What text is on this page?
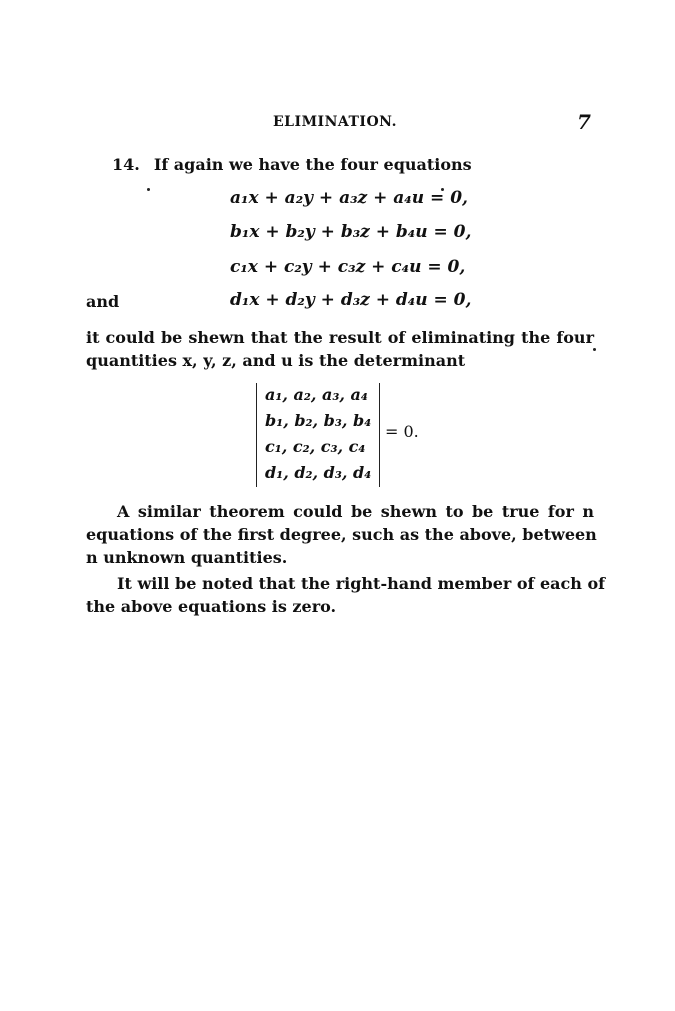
ELIMINATION.	7
14. If again we have the four equations
a₁x + a₂y + a₃z + a₄u = 0,
b₁x + b₂y + b₃z + b₄u = 0,
c₁x + c₂y + c₃z + c₄u = 0,
and	d₁x + d₂y + d₃z + d₄u = 0,
it could be shewn that the result of eliminating the four
quantities x, y, z, and u is the determinant
a₁, a₂, a₃, a₄
b₁, b₂, b₃, b₄
c₁, c₂, c₃, c₄
d₁, d₂, d₃, d₄
= 0.
A similar theorem could be shewn to be true for n
equations of the first degree, such as the above, between
n unknown quantities.
It will be noted that the right-hand member of each of
the above equations is zero.
